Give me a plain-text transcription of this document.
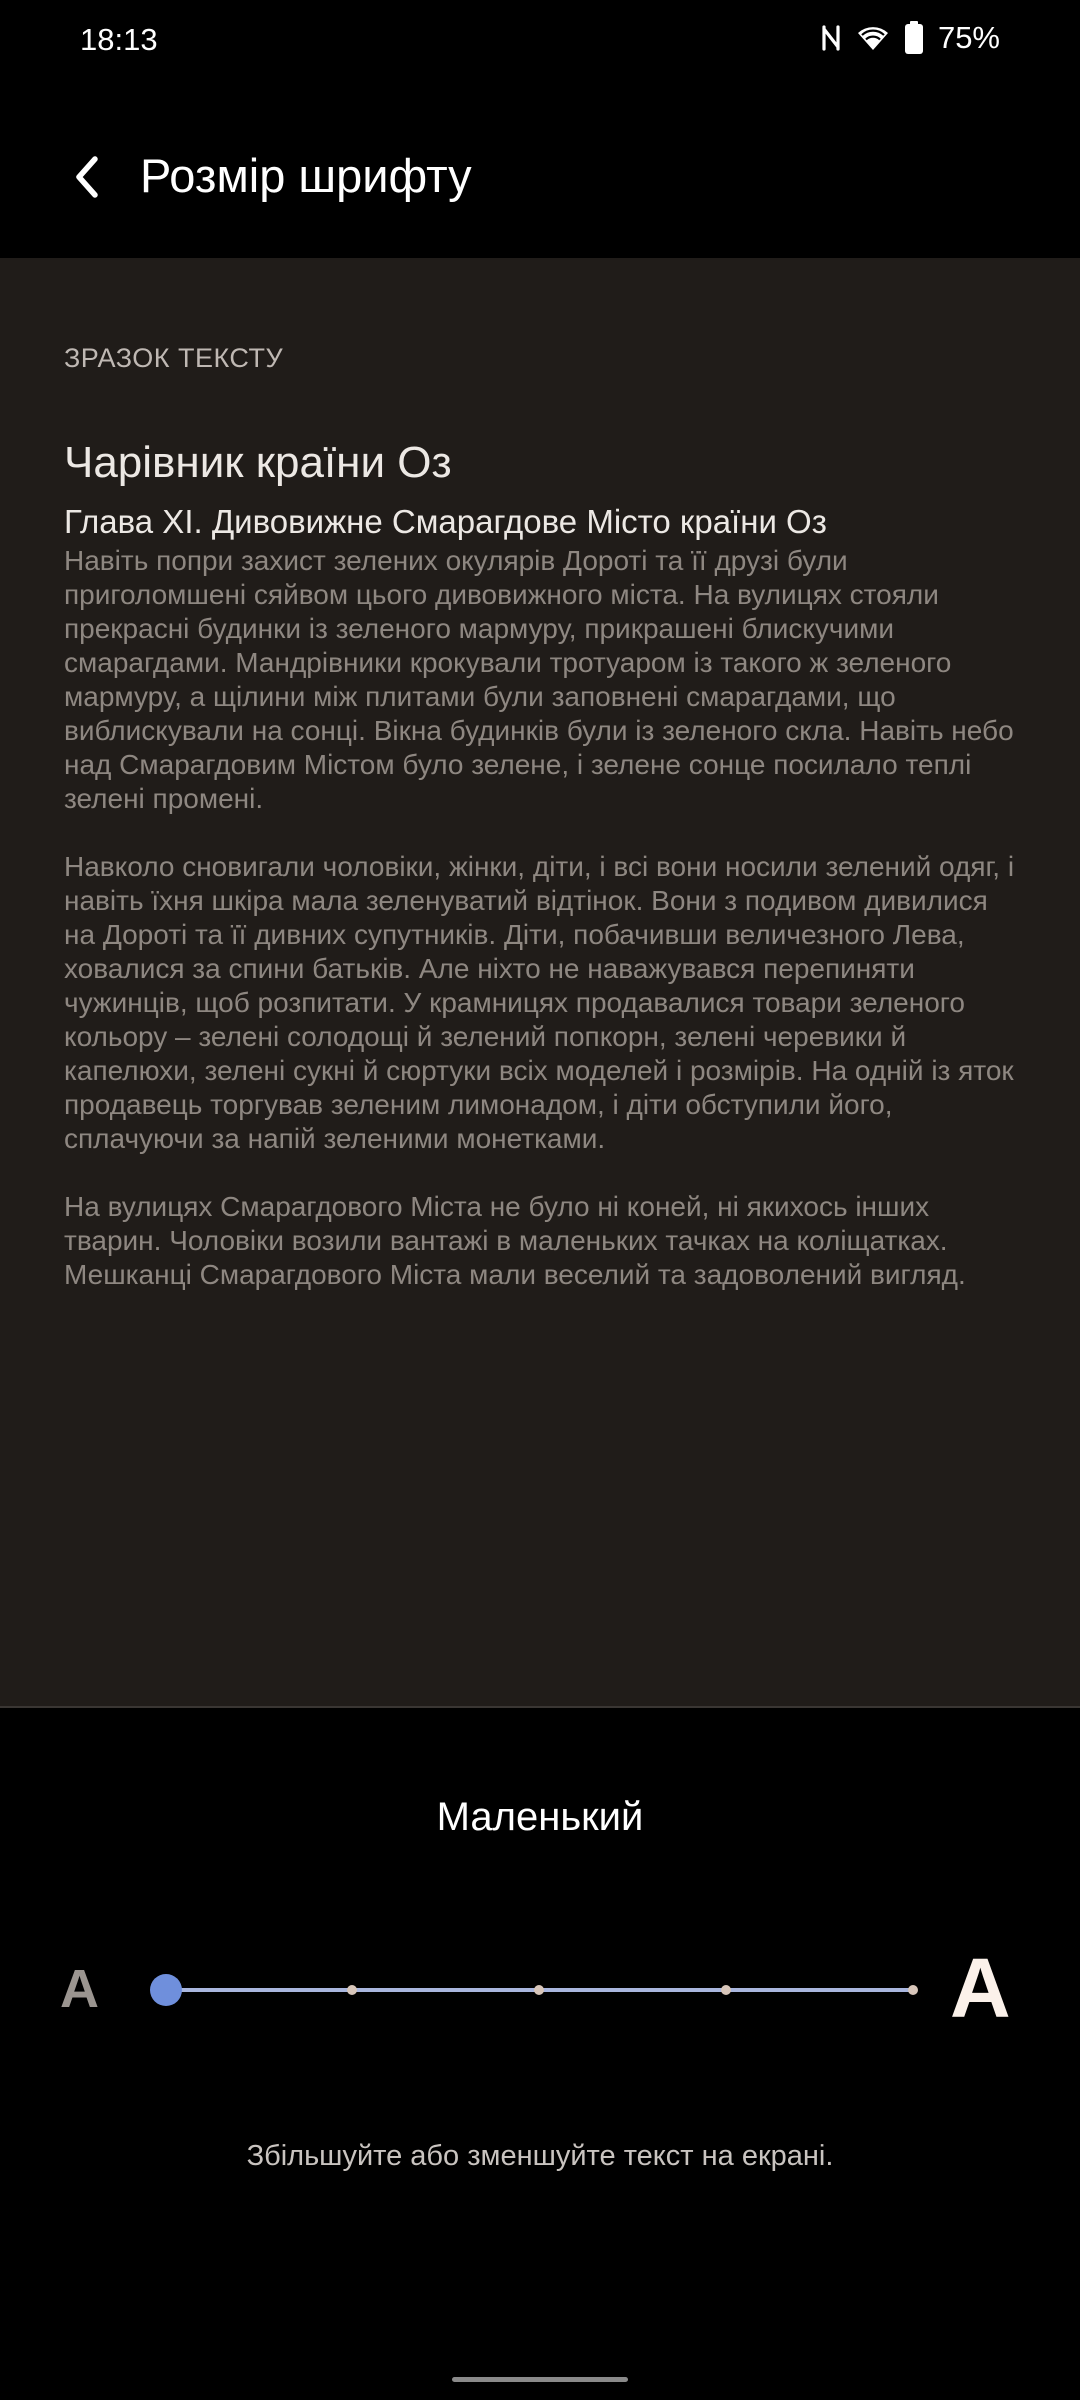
18:13	75%
Розмір шрифту
ЗРАЗОК ТЕКСТУ
Чарівник країни Оз
Глава XI. Дивовижне Смарагдове Місто країни Оз

Навіть попри захист зелених окулярів Дороті та її друзі були приголомшені сяйвом цього дивовижного міста. На вулицях стояли прекрасні будинки із зеленого мармуру, прикрашені блискучими смарагдами. Мандрівники крокували тротуаром із такого ж зеленого мармуру, а щілини між плитами були заповнені смарагдами, що виблискували на сонці. Вікна будинків були із зеленого скла. Навіть небо над Смарагдовим Містом було зелене, і зелене сонце посилало теплі зелені промені.

Навколо сновигали чоловіки, жінки, діти, і всі вони носили зелений одяг, і навіть їхня шкіра мала зеленуватий відтінок. Вони з подивом дивилися на Дороті та її дивних супутників. Діти, побачивши величезного Лева, ховалися за спини батьків. Але ніхто не наважувався перепиняти чужинців, щоб розпитати. У крамницях продавалися товари зеленого кольору – зелені солодощі й зелений попкорн, зелені черевики й капелюхи, зелені сукні й сюртуки всіх моделей і розмірів. На одній із яток продавець торгував зеленим лимонадом, і діти обступили його, сплачуючи за напій зеленими монетками.

На вулицях Смарагдового Міста не було ні коней, ні якихось інших тварин. Чоловіки возили вантажі в маленьких тачках на коліщатках. Мешканці Смарагдового Міста мали веселий та задоволений вигляд.

Маленький
A	A
Збільшуйте або зменшуйте текст на екрані.
